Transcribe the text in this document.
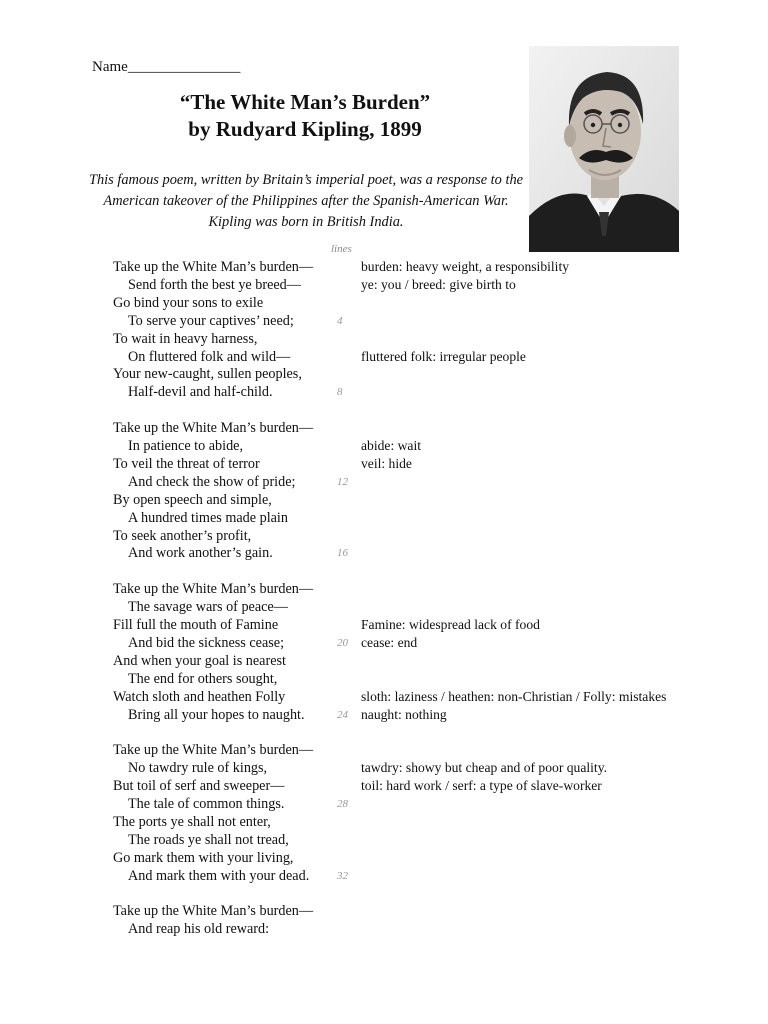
Name_______________
“The White Man’s Burden”
by Rudyard Kipling, 1899
This famous poem, written by Britain’s imperial poet, was a response to the American takeover of the Philippines after the Spanish-American War. Kipling was born in British India.
lines
Take up the White Man’s burden—	burden: heavy weight, a responsibility
Send forth the best ye breed—	ye: you / breed: give birth to
Go bind your sons to exile
To serve your captives’ need;	4
To wait in heavy harness,
On fluttered folk and wild—	fluttered folk: irregular people
Your new-caught, sullen peoples,
Half-devil and half-child.	8
Take up the White Man’s burden—
In patience to abide,	abide: wait
To veil the threat of terror	veil: hide
And check the show of pride;	12
By open speech and simple,
A hundred times made plain
To seek another’s profit,
And work another’s gain.	16
Take up the White Man’s burden—
The savage wars of peace—
Fill full the mouth of Famine	Famine: widespread lack of food
And bid the sickness cease;	20 cease: end
And when your goal is nearest
The end for others sought,
Watch sloth and heathen Folly	sloth: laziness / heathen: non-Christian / Folly: mistakes
Bring all your hopes to naught.	24 naught: nothing
Take up the White Man’s burden—
No tawdry rule of kings,	tawdry: showy but cheap and of poor quality.
But toil of serf and sweeper—	toil: hard work / serf: a type of slave-worker
The tale of common things.	28
The ports ye shall not enter,
The roads ye shall not tread,
Go mark them with your living,
And mark them with your dead.	32
Take up the White Man’s burden—
And reap his old reward:
